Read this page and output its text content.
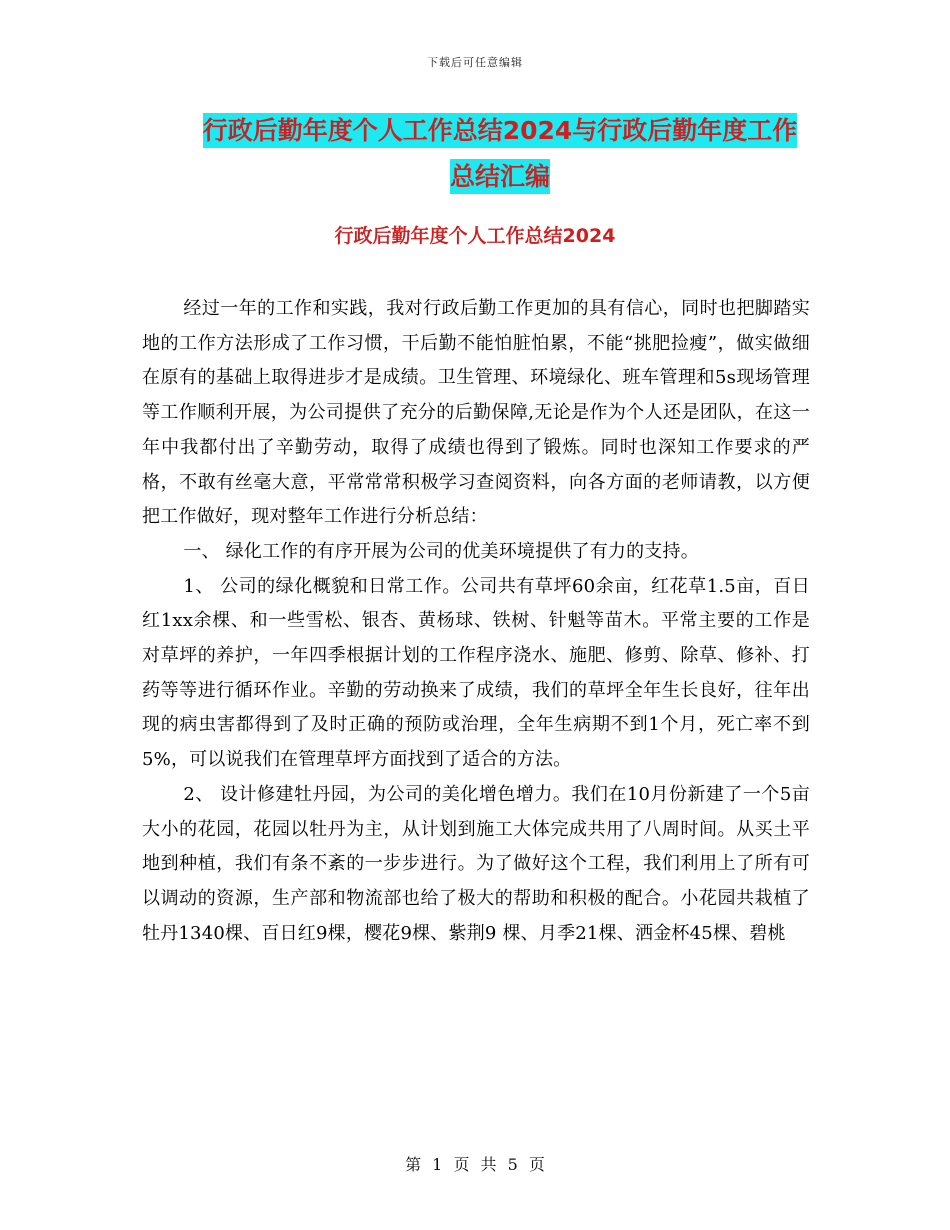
下载后可任意编辑
行政后勤年度个人工作总结2024与行政后勤年度工作
总结汇编
行政后勤年度个人工作总结2024

经过一年的工作和实践，我对行政后勤工作更加的具有信心，同时也把脚踏实地的工作方法形成了工作习惯，干后勤不能怕脏怕累，不能“挑肥捡瘦”，做实做细在原有的基础上取得进步才是成绩。卫生管理、环境绿化、班车管理和5s现场管理等工作顺利开展，为公司提供了充分的后勤保障,无论是作为个人还是团队，在这一年中我都付出了辛勤劳动，取得了成绩也得到了锻炼。同时也深知工作要求的严格，不敢有丝毫大意，平常常常积极学习查阅资料，向各方面的老师请教，以方便把工作做好，现对整年工作进行分析总结：

一、 绿化工作的有序开展为公司的优美环境提供了有力的支持。

1、 公司的绿化概貌和日常工作。公司共有草坪60余亩，红花草1.5亩，百日红1xx余棵、和一些雪松、银杏、黄杨球、铁树、针魁等苗木。平常主要的工作是对草坪的养护，一年四季根据计划的工作程序浇水、施肥、修剪、除草、修补、打药等等进行循环作业。辛勤的劳动换来了成绩，我们的草坪全年生长良好，往年出现的病虫害都得到了及时正确的预防或治理，全年生病期不到1个月，死亡率不到5%，可以说我们在管理草坪方面找到了适合的方法。

2、 设计修建牡丹园，为公司的美化增色增力。我们在10月份新建了一个5亩大小的花园，花园以牡丹为主，从计划到施工大体完成共用了八周时间。从买土平地到种植，我们有条不紊的一步步进行。为了做好这个工程，我们利用上了所有可以调动的资源，生产部和物流部也给了极大的帮助和积极的配合。小花园共栽植了牡丹1340棵、百日红9棵，樱花9棵、紫荆9 棵、月季21棵、洒金杯45棵、碧桃

第 1 页 共 5 页
